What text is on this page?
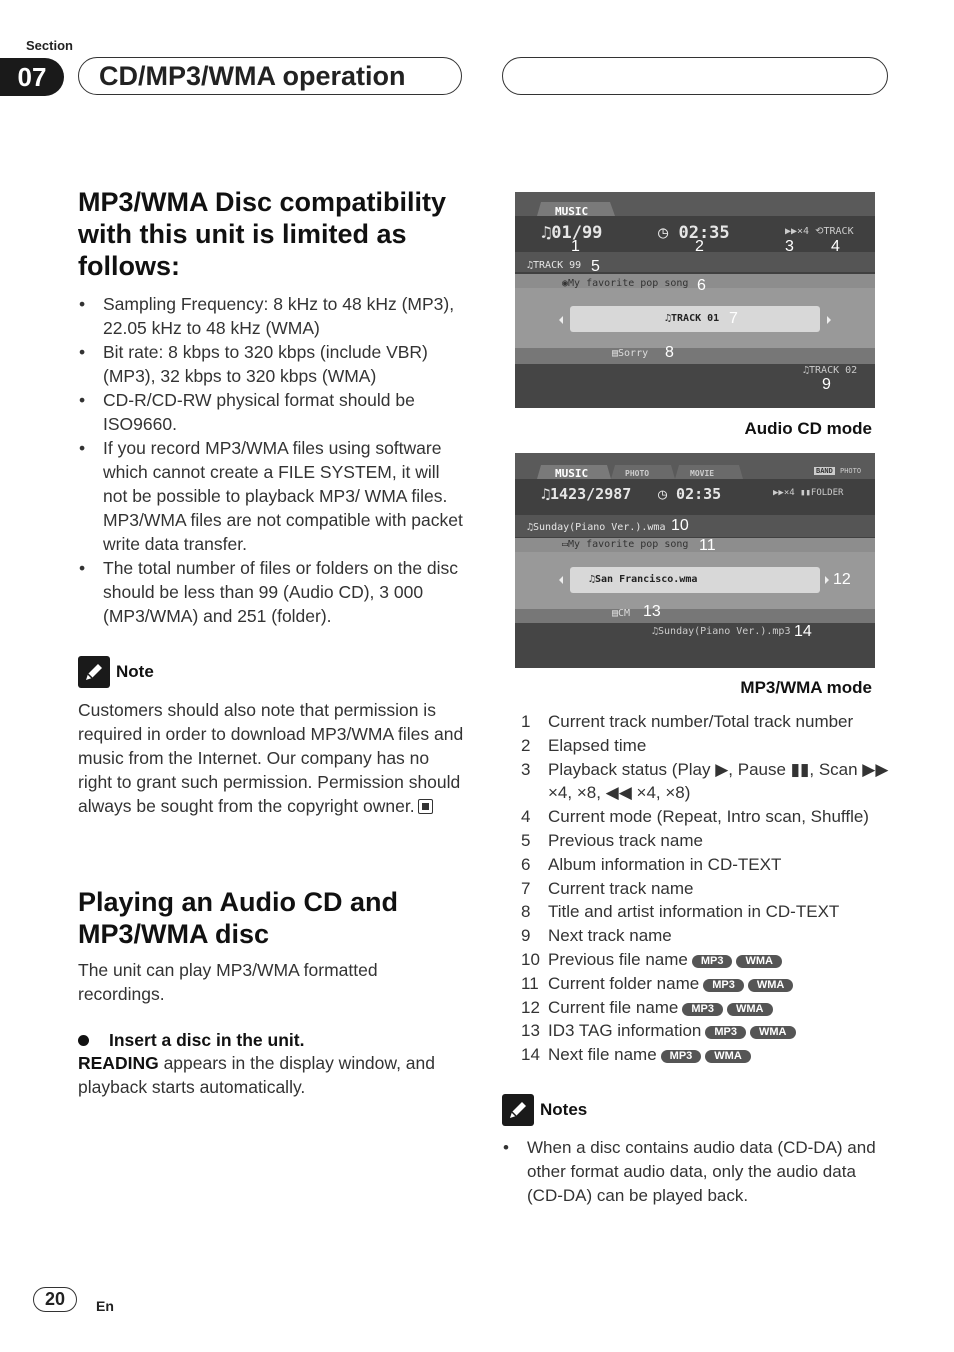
Section
07	CD/MP3/WMA operation
MP3/WMA Disc compatibility with this unit is limited as follows:
• Sampling Frequency: 8 kHz to 48 kHz (MP3), 22.05 kHz to 48 kHz (WMA)
• Bit rate: 8 kbps to 320 kbps (include VBR) (MP3), 32 kbps to 320 kbps (WMA)
• CD-R/CD-RW physical format should be ISO9660.
• If you record MP3/WMA files using software which cannot create a FILE SYSTEM, it will not be possible to playback MP3/ WMA files.
MP3/WMA files are not compatible with packet write data transfer.
• The total number of files or folders on the disc should be less than 99 (Audio CD), 3 000 (MP3/WMA) and 251 (folder).
Note

Customers should also note that permission is required in order to download MP3/WMA files and music from the Internet. Our company has no right to grant such permission. Permission should always be sought from the copyright owner.

Playing an Audio CD and MP3/WMA disc

The unit can play MP3/WMA formatted recordings.

Insert a disc in the unit.

READING appears in the display window, and playback starts automatically.

MUSIC
♫01/99	◷ 02:35	▶▶×4 ⟲TRACK
♫TRACK 99
◉My favorite pop song
♫TRACK 01
▤Sorry
♫TRACK 02
1	2	3 4
5
6
7
8
9
Audio CD mode
MUSIC	PHOTO	MOVIE	BAND PHOTO
♫1423/2987 ◷ 02:35	▶▶×4 ▮▮FOLDER
♫Sunday(Piano Ver.).wma
▭My favorite pop song
♫San Francisco.wma
▤CM
♫Sunday(Piano Ver.).mp3
10
11
12
13
14
MP3/WMA mode
1	Current track number/Total track number
2	Elapsed time
3	Playback status (Play ▶, Pause ▮▮, Scan ▶▶ ×4, ×8, ◀◀ ×4, ×8)
4	Current mode (Repeat, Intro scan, Shuffle)
5	Previous track name
6	Album information in CD-TEXT
7	Current track name
8	Title and artist information in CD-TEXT
9	Next track name
10 Previous file name MP3 WMA
11 Current folder name MP3 WMA
12 Current file name MP3 WMA
13 ID3 TAG information MP3 WMA
14 Next file name MP3 WMA
Notes
• When a disc contains audio data (CD-DA) and other format audio data, only the audio data (CD-DA) can be played back.
20 En
